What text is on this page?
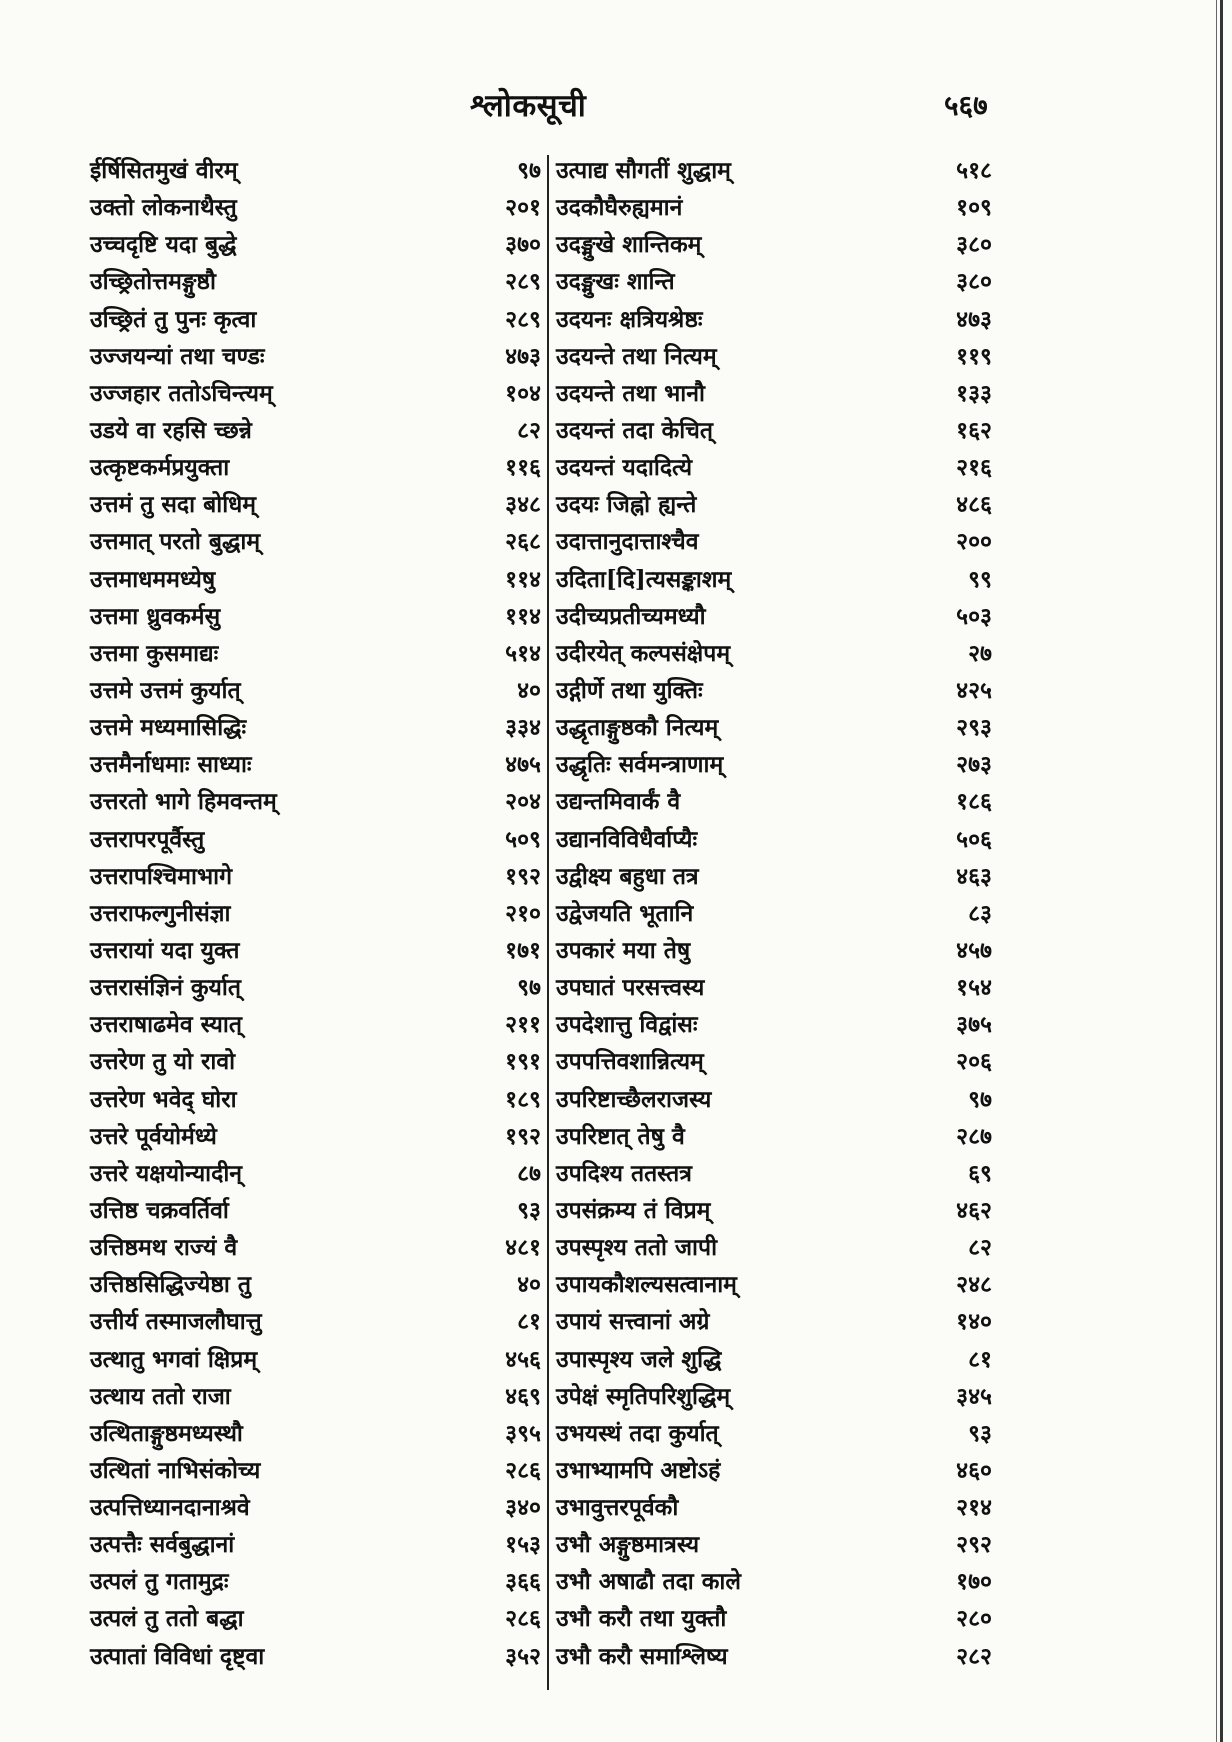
श्लोकसूची	५६७
ईर्षिसितमुखं वीरम्	९७
उक्तो लोकनाथैस्तु	२०१
उच्चदृष्टि यदा बुद्धे	३७०
उच्छ्रितोत्तमङ्गुष्ठौ	२८९
उच्छ्रितं तु पुनः कृत्वा	२८९
उज्जयन्यां तथा चण्डः	४७३
उज्जहार ततोऽचिन्त्यम्	१०४
उडये वा रहसि च्छन्ने	८२
उत्कृष्टकर्मप्रयुक्ता	११६
उत्तमं तु सदा बोधिम्	३४८
उत्तमात् परतो बुद्धाम्	२६८
उत्तमाधममध्येषु	११४
उत्तमा ध्रुवकर्मसु	११४
उत्तमा कुसमाद्यः	५१४
उत्तमे उत्तमं कुर्यात्	४०
उत्तमे मध्यमासिद्धिः	३३४
उत्तमैर्नाधमाः साध्याः	४७५
उत्तरतो भागे हिमवन्तम्	२०४
उत्तरापरपूर्वैस्तु	५०९
उत्तरापश्चिमाभागे	१९२
उत्तराफल्गुनीसंज्ञा	२१०
उत्तरायां यदा युक्त	१७१
उत्तरासंज्ञिनं कुर्यात्	९७
उत्तराषाढमेव स्यात्	२११
उत्तरेण तु यो रावो	१९१
उत्तरेण भवेद् घोरा	१८९
उत्तरे पूर्वयोर्मध्ये	१९२
उत्तरे यक्षयोन्यादीन्	८७
उत्तिष्ठ चक्रवर्तिर्वा	९३
उत्तिष्ठमथ राज्यं वै	४८१
उत्तिष्ठसिद्धिज्येष्ठा तु	४०
उत्तीर्य तस्माजलौघात्तु	८१
उत्थातु भगवां क्षिप्रम्	४५६
उत्थाय ततो राजा	४६९
उत्थिताङ्गुष्ठमध्यस्थौ	३९५
उत्थितां नाभिसंकोच्य	२८६
उत्पत्तिध्यानदानाश्रवे	३४०
उत्पत्तैः सर्वबुद्धानां	१५३
उत्पलं तु गतामुद्रः	३६६
उत्पलं तु ततो बद्धा	२८६
उत्पातां विविधां दृष्ट्वा	३५२
उत्पाद्य सौगतीं शुद्धाम्	५१८
उदकौघैरुह्यमानं	१०९
उदङ्मुखे शान्तिकम्	३८०
उदङ्मुखः शान्ति	३८०
उदयनः क्षत्रियश्रेष्ठः	४७३
उदयन्ते तथा नित्यम्	११९
उदयन्ते तथा भानौ	१३३
उदयन्तं तदा केचित्	१६२
उदयन्तं यदादित्ये	२१६
उदयः जिह्नो ह्यन्ते	४८६
उदात्तानुदात्ताश्चैव	२००
उदिता[दि]त्यसङ्काशम्	९९
उदीच्यप्रतीच्यमध्यौ	५०३
उदीरयेत् कल्पसंक्षेपम्	२७
उद्गीर्णे तथा युक्तिः	४२५
उद्धृताङ्गुष्ठकौ नित्यम्	२९३
उद्धृतिः सर्वमन्त्राणाम्	२७३
उद्यन्तमिवार्कं वै	१८६
उद्यानविविधैर्वाप्यैः	५०६
उद्वीक्ष्य बहुधा तत्र	४६३
उद्वेजयति भूतानि	८३
उपकारं मया तेषु	४५७
उपघातं परसत्त्वस्य	१५४
उपदेशात्तु विद्वांसः	३७५
उपपत्तिवशान्नित्यम्	२०६
उपरिष्टाच्छैलराजस्य	९७
उपरिष्टात् तेषु वै	२८७
उपदिश्य ततस्तत्र	६९
उपसंक्रम्य तं विप्रम्	४६२
उपस्पृश्य ततो जापी	८२
उपायकौशल्यसत्वानाम्	२४८
उपायं सत्त्वानां अग्रे	१४०
उपास्पृश्य जले शुद्धि	८१
उपेक्षं स्मृतिपरिशुद्धिम्	३४५
उभयस्थं तदा कुर्यात्	९३
उभाभ्यामपि अष्टोऽहं	४६०
उभावुत्तरपूर्वकौ	२१४
उभौ अङ्गुष्ठमात्रस्य	२९२
उभौ अषाढौ तदा काले	१७०
उभौ करौ तथा युक्तौ	२८०
उभौ करौ समाश्लिष्य	२८२
